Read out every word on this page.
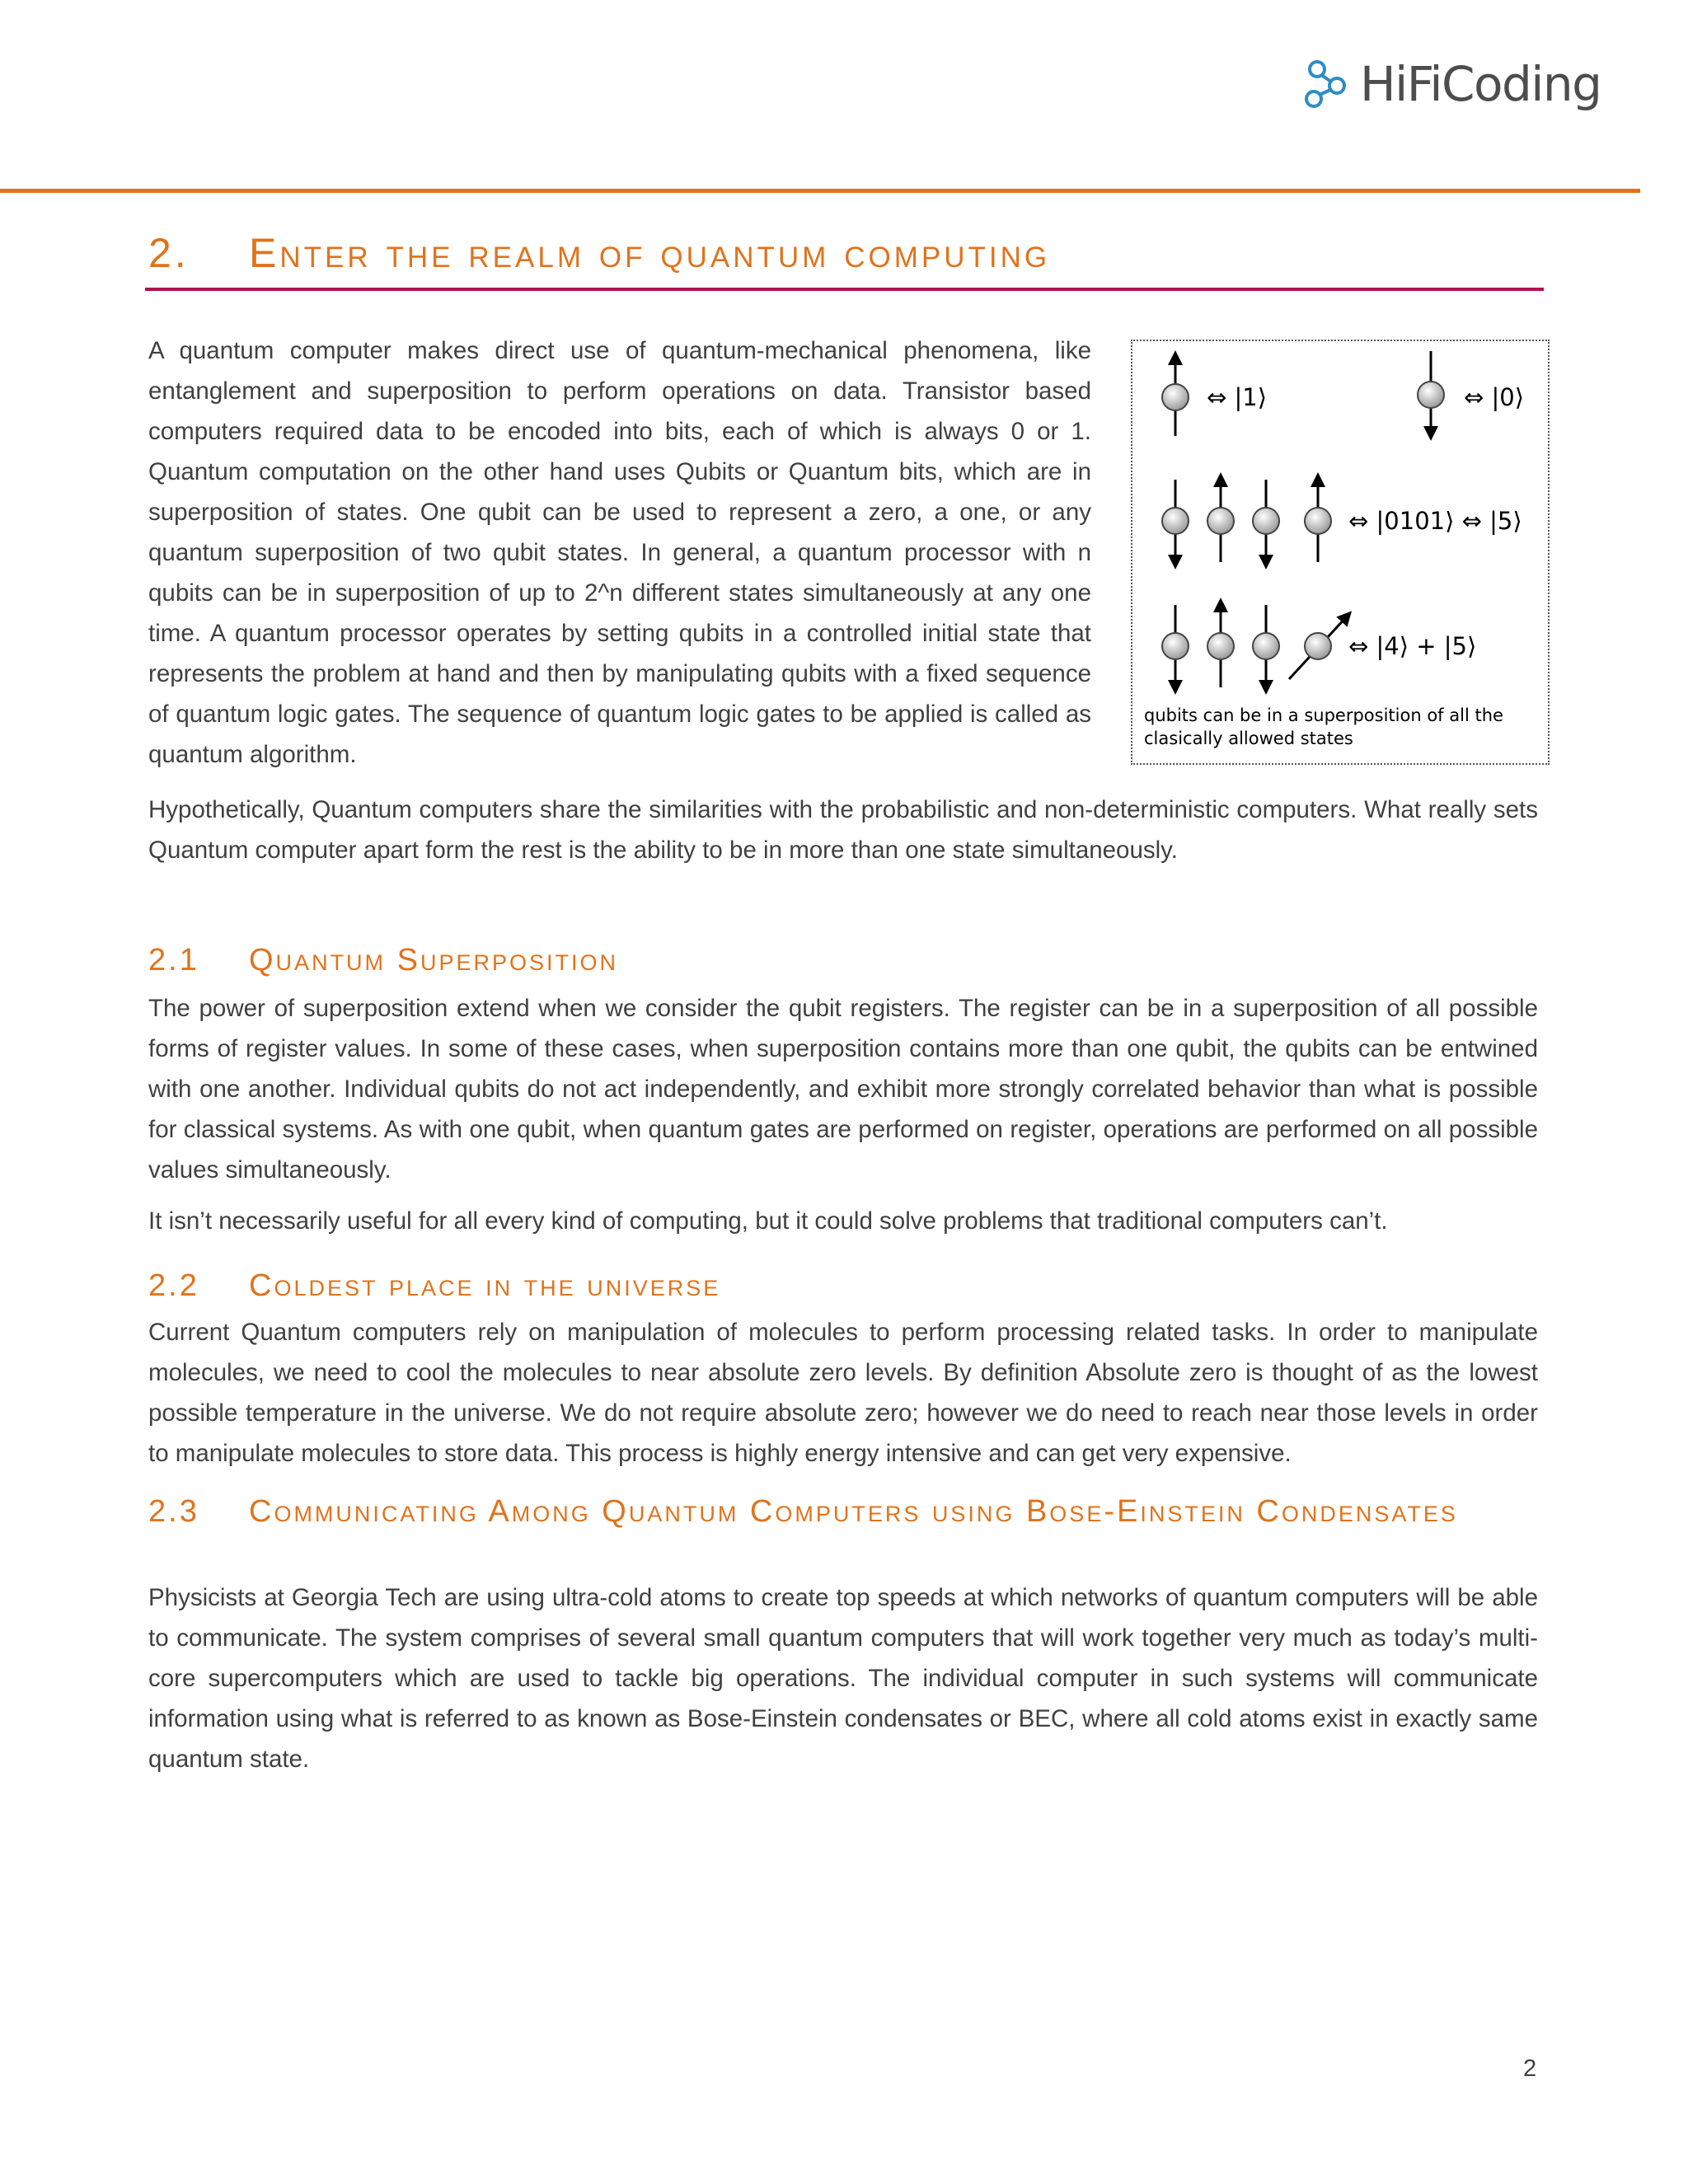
HiFiCoding
2. Enter the realm of quantum computing

A quantum computer makes direct use of quantum-mechanical phenomena, like entanglement and superposition to perform operations on data. Transistor based computers required data to be encoded into bits, each of which is always 0 or 1. Quantum computation on the other hand uses Qubits or Quantum bits, which are in superposition of states. One qubit can be used to represent a zero, a one, or any quantum superposition of two qubit states. In general, a quantum processor with n qubits can be in superposition of up to 2^n different states simultaneously at any one time. A quantum processor operates by setting qubits in a controlled initial state that represents the problem at hand and then by manipulating qubits with a fixed sequence of quantum logic gates. The sequence of quantum logic gates to be applied is called as quantum algorithm.

⇔ |1⟩	⇔ |0⟩
⇔ |0101⟩ ⇔ |5⟩
⇔ |4⟩ + |5⟩
qubits can be in a superposition of all the clasically allowed states

Hypothetically, Quantum computers share the similarities with the probabilistic and non-deterministic computers. What really sets Quantum computer apart form the rest is the ability to be in more than one state simultaneously.

2.1 Quantum Superposition

The power of superposition extend when we consider the qubit registers. The register can be in a superposition of all possible forms of register values. In some of these cases, when superposition contains more than one qubit, the qubits can be entwined with one another. Individual qubits do not act independently, and exhibit more strongly correlated behavior than what is possible for classical systems. As with one qubit, when quantum gates are performed on register, operations are performed on all possible values simultaneously.

It isn’t necessarily useful for all every kind of computing, but it could solve problems that traditional computers can’t.

2.2 Coldest place in the universe

Current Quantum computers rely on manipulation of molecules to perform processing related tasks. In order to manipulate molecules, we need to cool the molecules to near absolute zero levels. By definition Absolute zero is thought of as the lowest possible temperature in the universe. We do not require absolute zero; however we do need to reach near those levels in order to manipulate molecules to store data. This process is highly energy intensive and can get very expensive.

2.3 Communicating Among Quantum Computers using Bose-Einstein Condensates

Physicists at Georgia Tech are using ultra-cold atoms to create top speeds at which networks of quantum computers will be able to communicate. The system comprises of several small quantum computers that will work together very much as today’s multi-core supercomputers which are used to tackle big operations. The individual computer in such systems will communicate information using what is referred to as known as Bose-Einstein condensates or BEC, where all cold atoms exist in exactly same quantum state.

2
